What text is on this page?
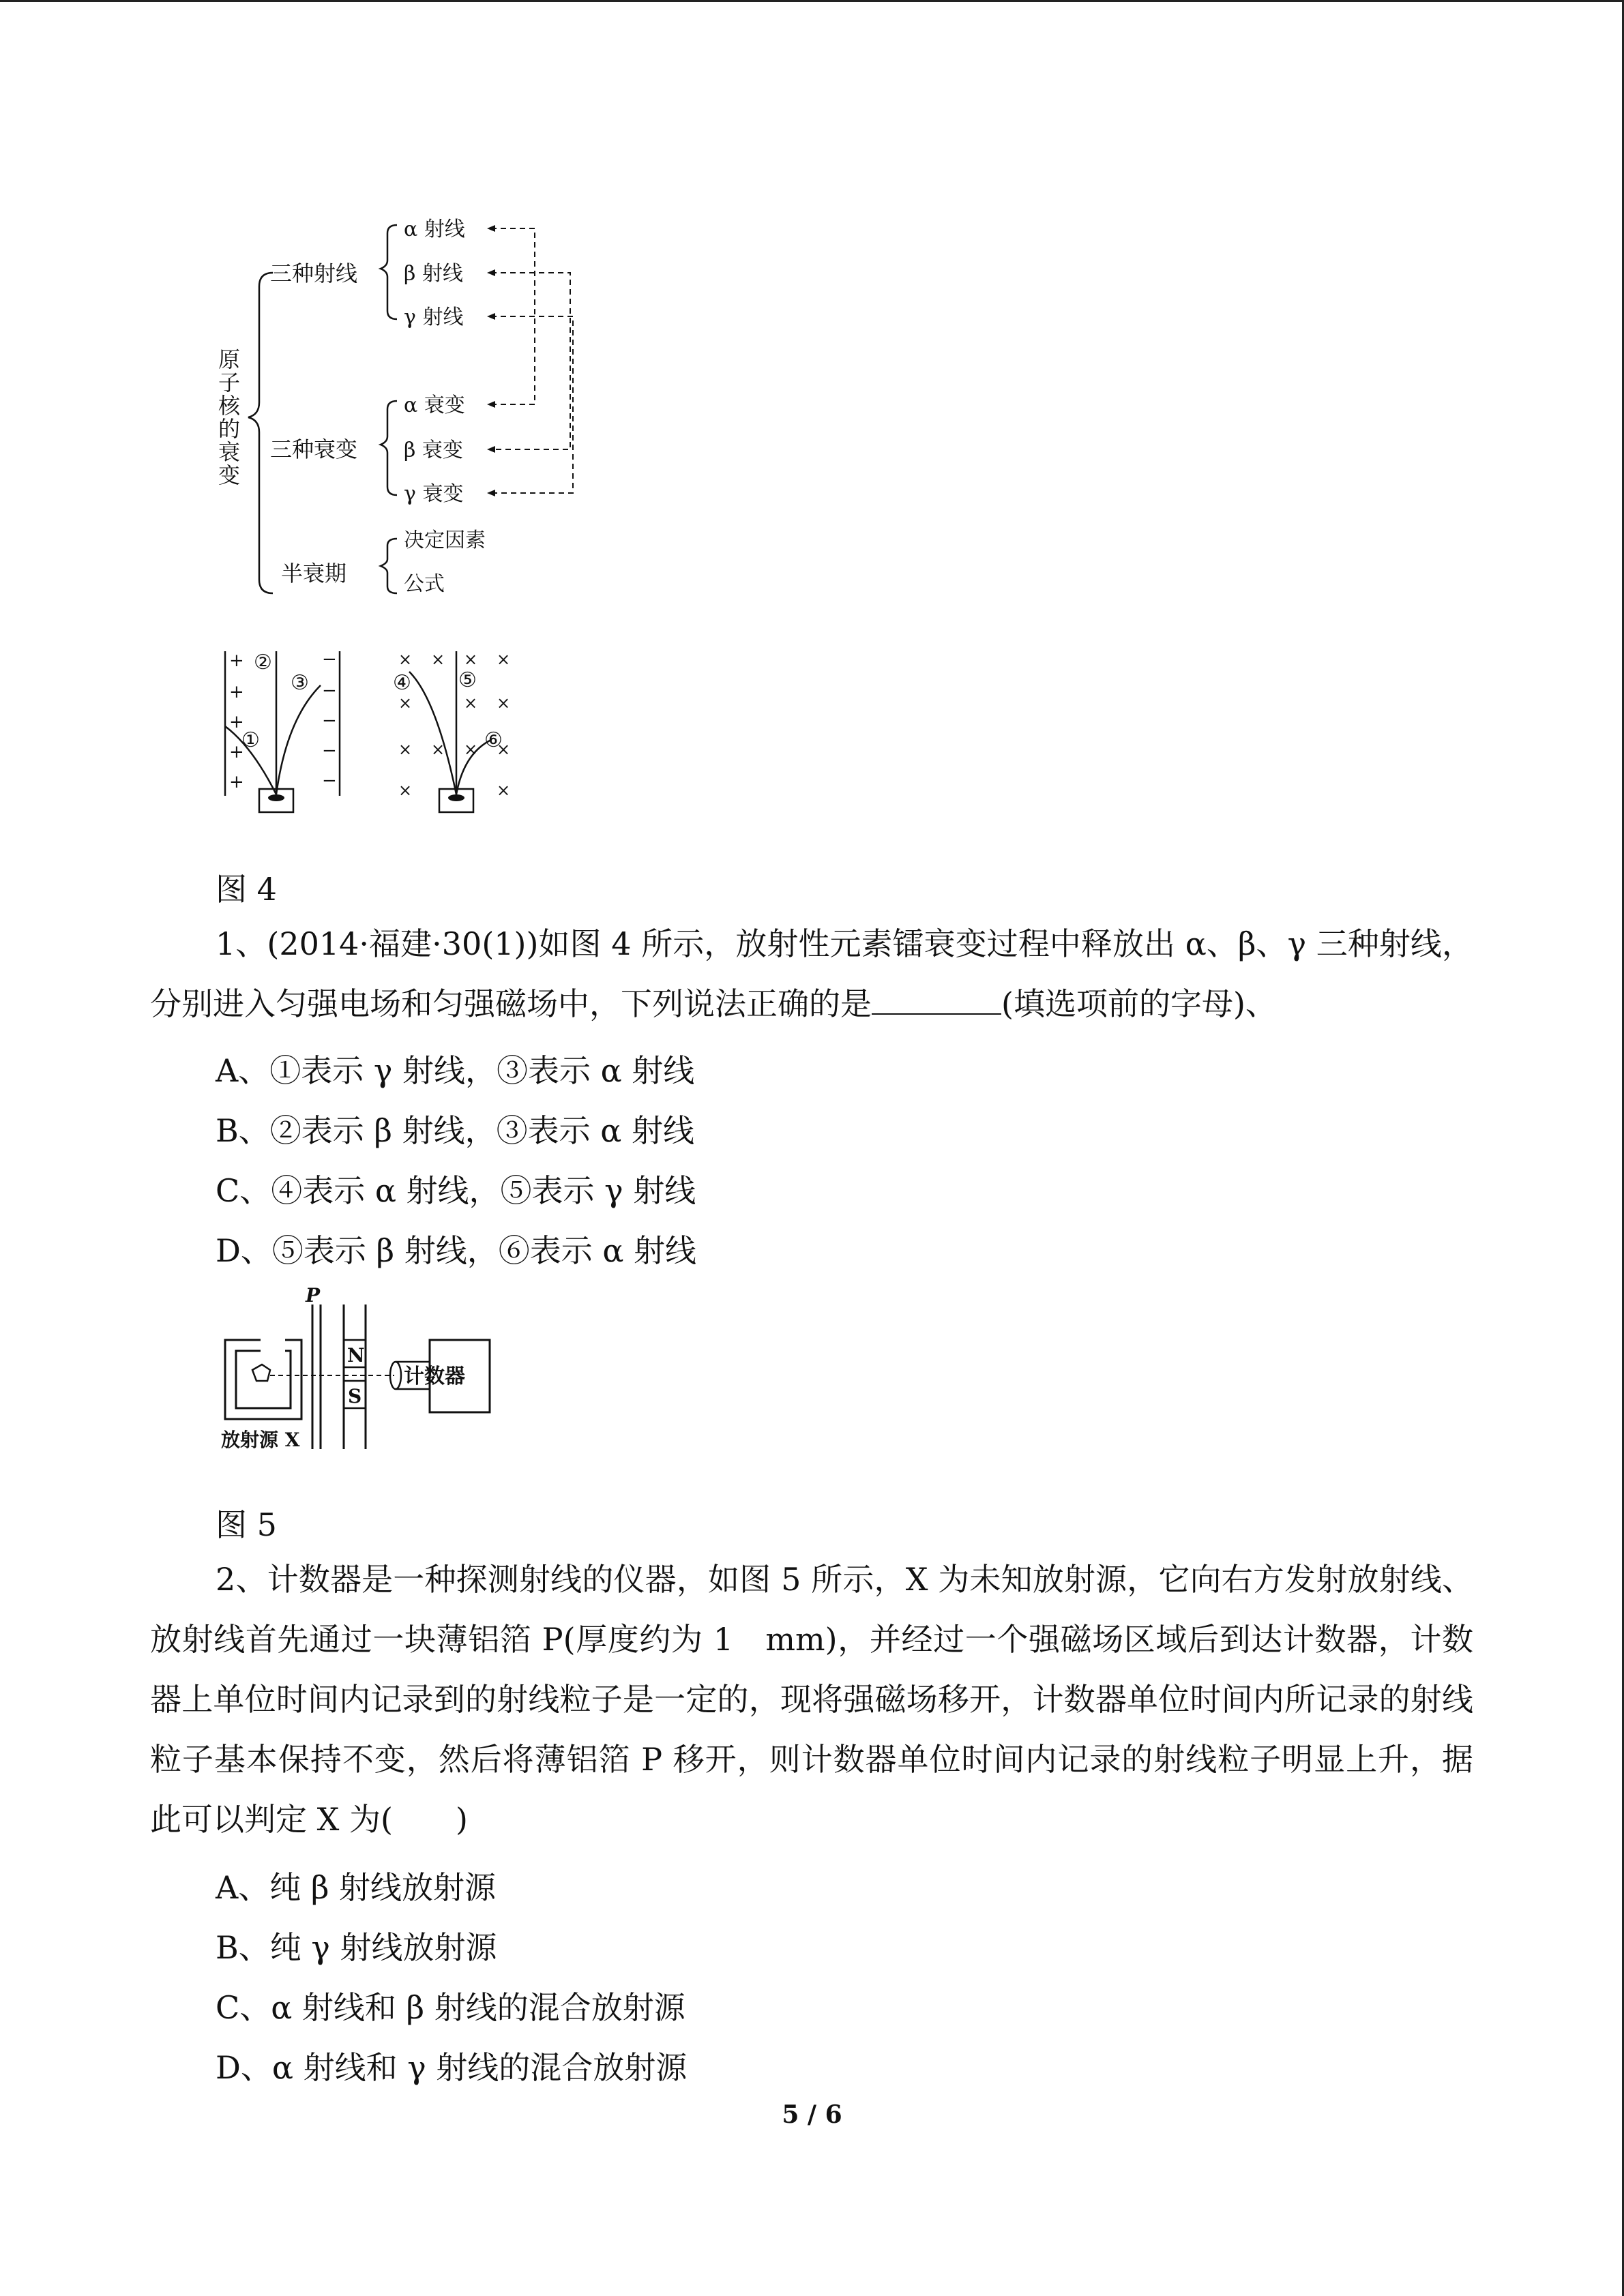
原
子
核
的
衰
变
三种射线
三种衰变
半衰期
α 射线
β 射线
γ 射线
α 衰变
β 衰变
γ 衰变
决定因素
公式
+
+
+
+
+
−
−
−
−
−
①
②
③
× × × ×
×	× ×
× × × ×
×	×
④ ⑤
⑥

图 4

1、(2014·福建·30(1))如图 4 所示，放射性元素镭衰变过程中释放出 α、β、γ 三种射线，分别进入匀强电场和匀强磁场中，下列说法正确的是	(填选项前的字母)、

A、①表示 γ 射线，③表示 α 射线

B、②表示 β 射线，③表示 α 射线

C、④表示 α 射线，⑤表示 γ 射线

D、⑤表示 β 射线，⑥表示 α 射线

P
N
S
计数器
放射源 X

图 5

2、计数器是一种探测射线的仪器，如图 5 所示，X 为未知放射源，它向右方发射放射线、放射线首先通过一块薄铝箔 P(厚度约为 1　mm)，并经过一个强磁场区域后到达计数器，计数器上单位时间内记录到的射线粒子是一定的，现将强磁场移开，计数器单位时间内所记录的射线粒子基本保持不变，然后将薄铝箔 P 移开，则计数器单位时间内记录的射线粒子明显上升，据此可以判定 X 为(　　)

A、纯 β 射线放射源

B、纯 γ 射线放射源

C、α 射线和 β 射线的混合放射源

D、α 射线和 γ 射线的混合放射源

5 / 6
